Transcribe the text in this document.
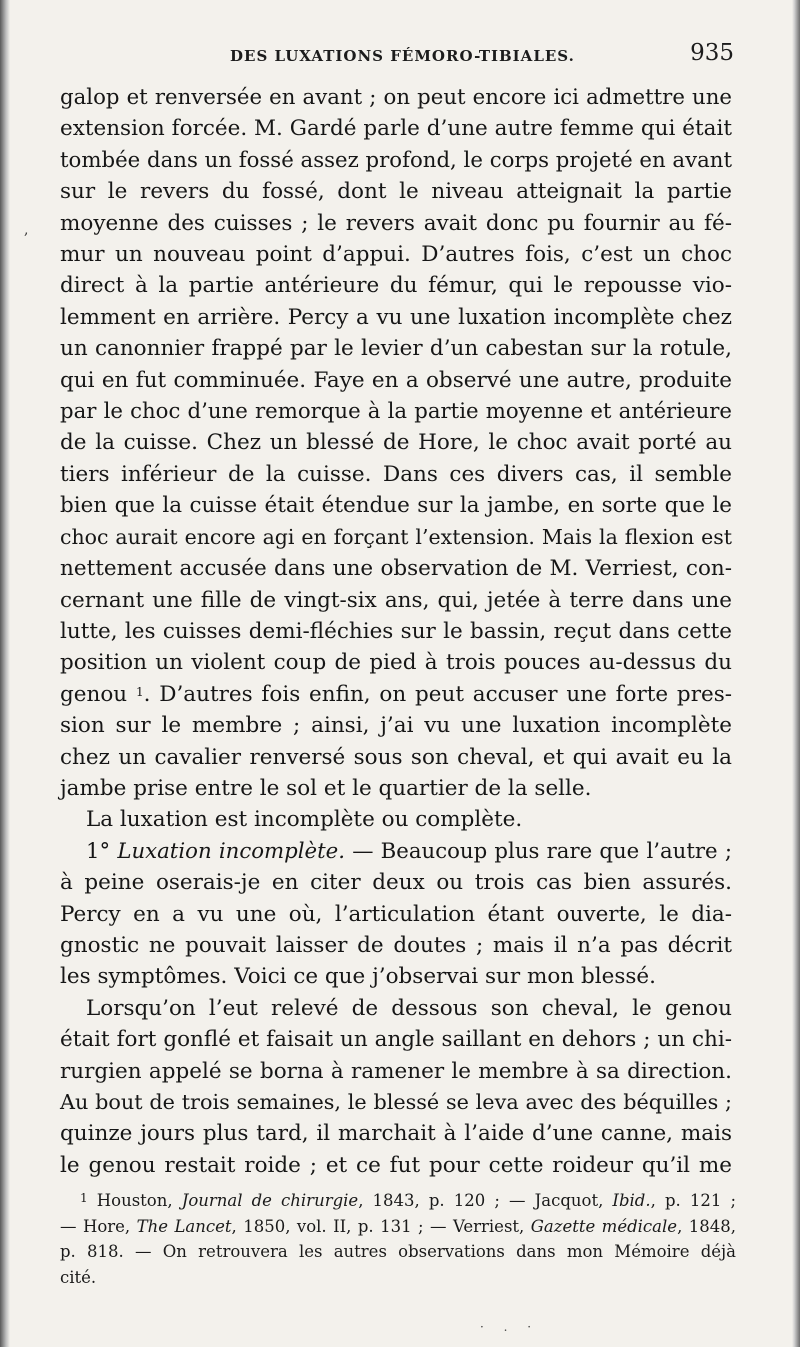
DES LUXATIONS FÉMORO-TIBIALES.	935
,
galop et renversée en avant ; on peut encore ici admettre une
extension forcée. M. Gardé parle d’une autre femme qui était
tombée dans un fossé assez profond, le corps projeté en avant
sur le revers du fossé, dont le niveau atteignait la partie
moyenne des cuisses ; le revers avait donc pu fournir au fé-
mur un nouveau point d’appui. D’autres fois, c’est un choc
direct à la partie antérieure du fémur, qui le repousse vio-
lemment en arrière. Percy a vu une luxation incomplète chez
un canonnier frappé par le levier d’un cabestan sur la rotule,
qui en fut comminuée. Faye en a observé une autre, produite
par le choc d’une remorque à la partie moyenne et antérieure
de la cuisse. Chez un blessé de Hore, le choc avait porté au
tiers inférieur de la cuisse. Dans ces divers cas, il semble
bien que la cuisse était étendue sur la jambe, en sorte que le
choc aurait encore agi en forçant l’extension. Mais la flexion est
nettement accusée dans une observation de M. Verriest, con-
cernant une fille de vingt-six ans, qui, jetée à terre dans une
lutte, les cuisses demi-fléchies sur le bassin, reçut dans cette
position un violent coup de pied à trois pouces au-dessus du
genou $^1$. D’autres fois enfin, on peut accuser une forte pres-
sion sur le membre ; ainsi, j’ai vu une luxation incomplète
chez un cavalier renversé sous son cheval, et qui avait eu la
jambe prise entre le sol et le quartier de la selle.
La luxation est incomplète ou complète.
1° Luxation incomplète. — Beaucoup plus rare que l’autre ;
à peine oserais-je en citer deux ou trois cas bien assurés.
Percy en a vu une où, l’articulation étant ouverte, le dia-
gnostic ne pouvait laisser de doutes ; mais il n’a pas décrit
les symptômes. Voici ce que j’observai sur mon blessé.
Lorsqu’on l’eut relevé de dessous son cheval, le genou
était fort gonflé et faisait un angle saillant en dehors ; un chi-
rurgien appelé se borna à ramener le membre à sa direction.
Au bout de trois semaines, le blessé se leva avec des béquilles ;
quinze jours plus tard, il marchait à l’aide d’une canne, mais
le genou restait roide ; et ce fut pour cette roideur qu’il me
$^1$ Houston, Journal de chirurgie, 1843, p. 120 ; — Jacquot, Ibid., p. 121 ;
— Hore, The Lancet, 1850, vol. II, p. 131 ; — Verriest, Gazette médicale, 1848,
p. 818. — On retrouvera les autres observations dans mon Mémoire déjà
cité.
· . ·
